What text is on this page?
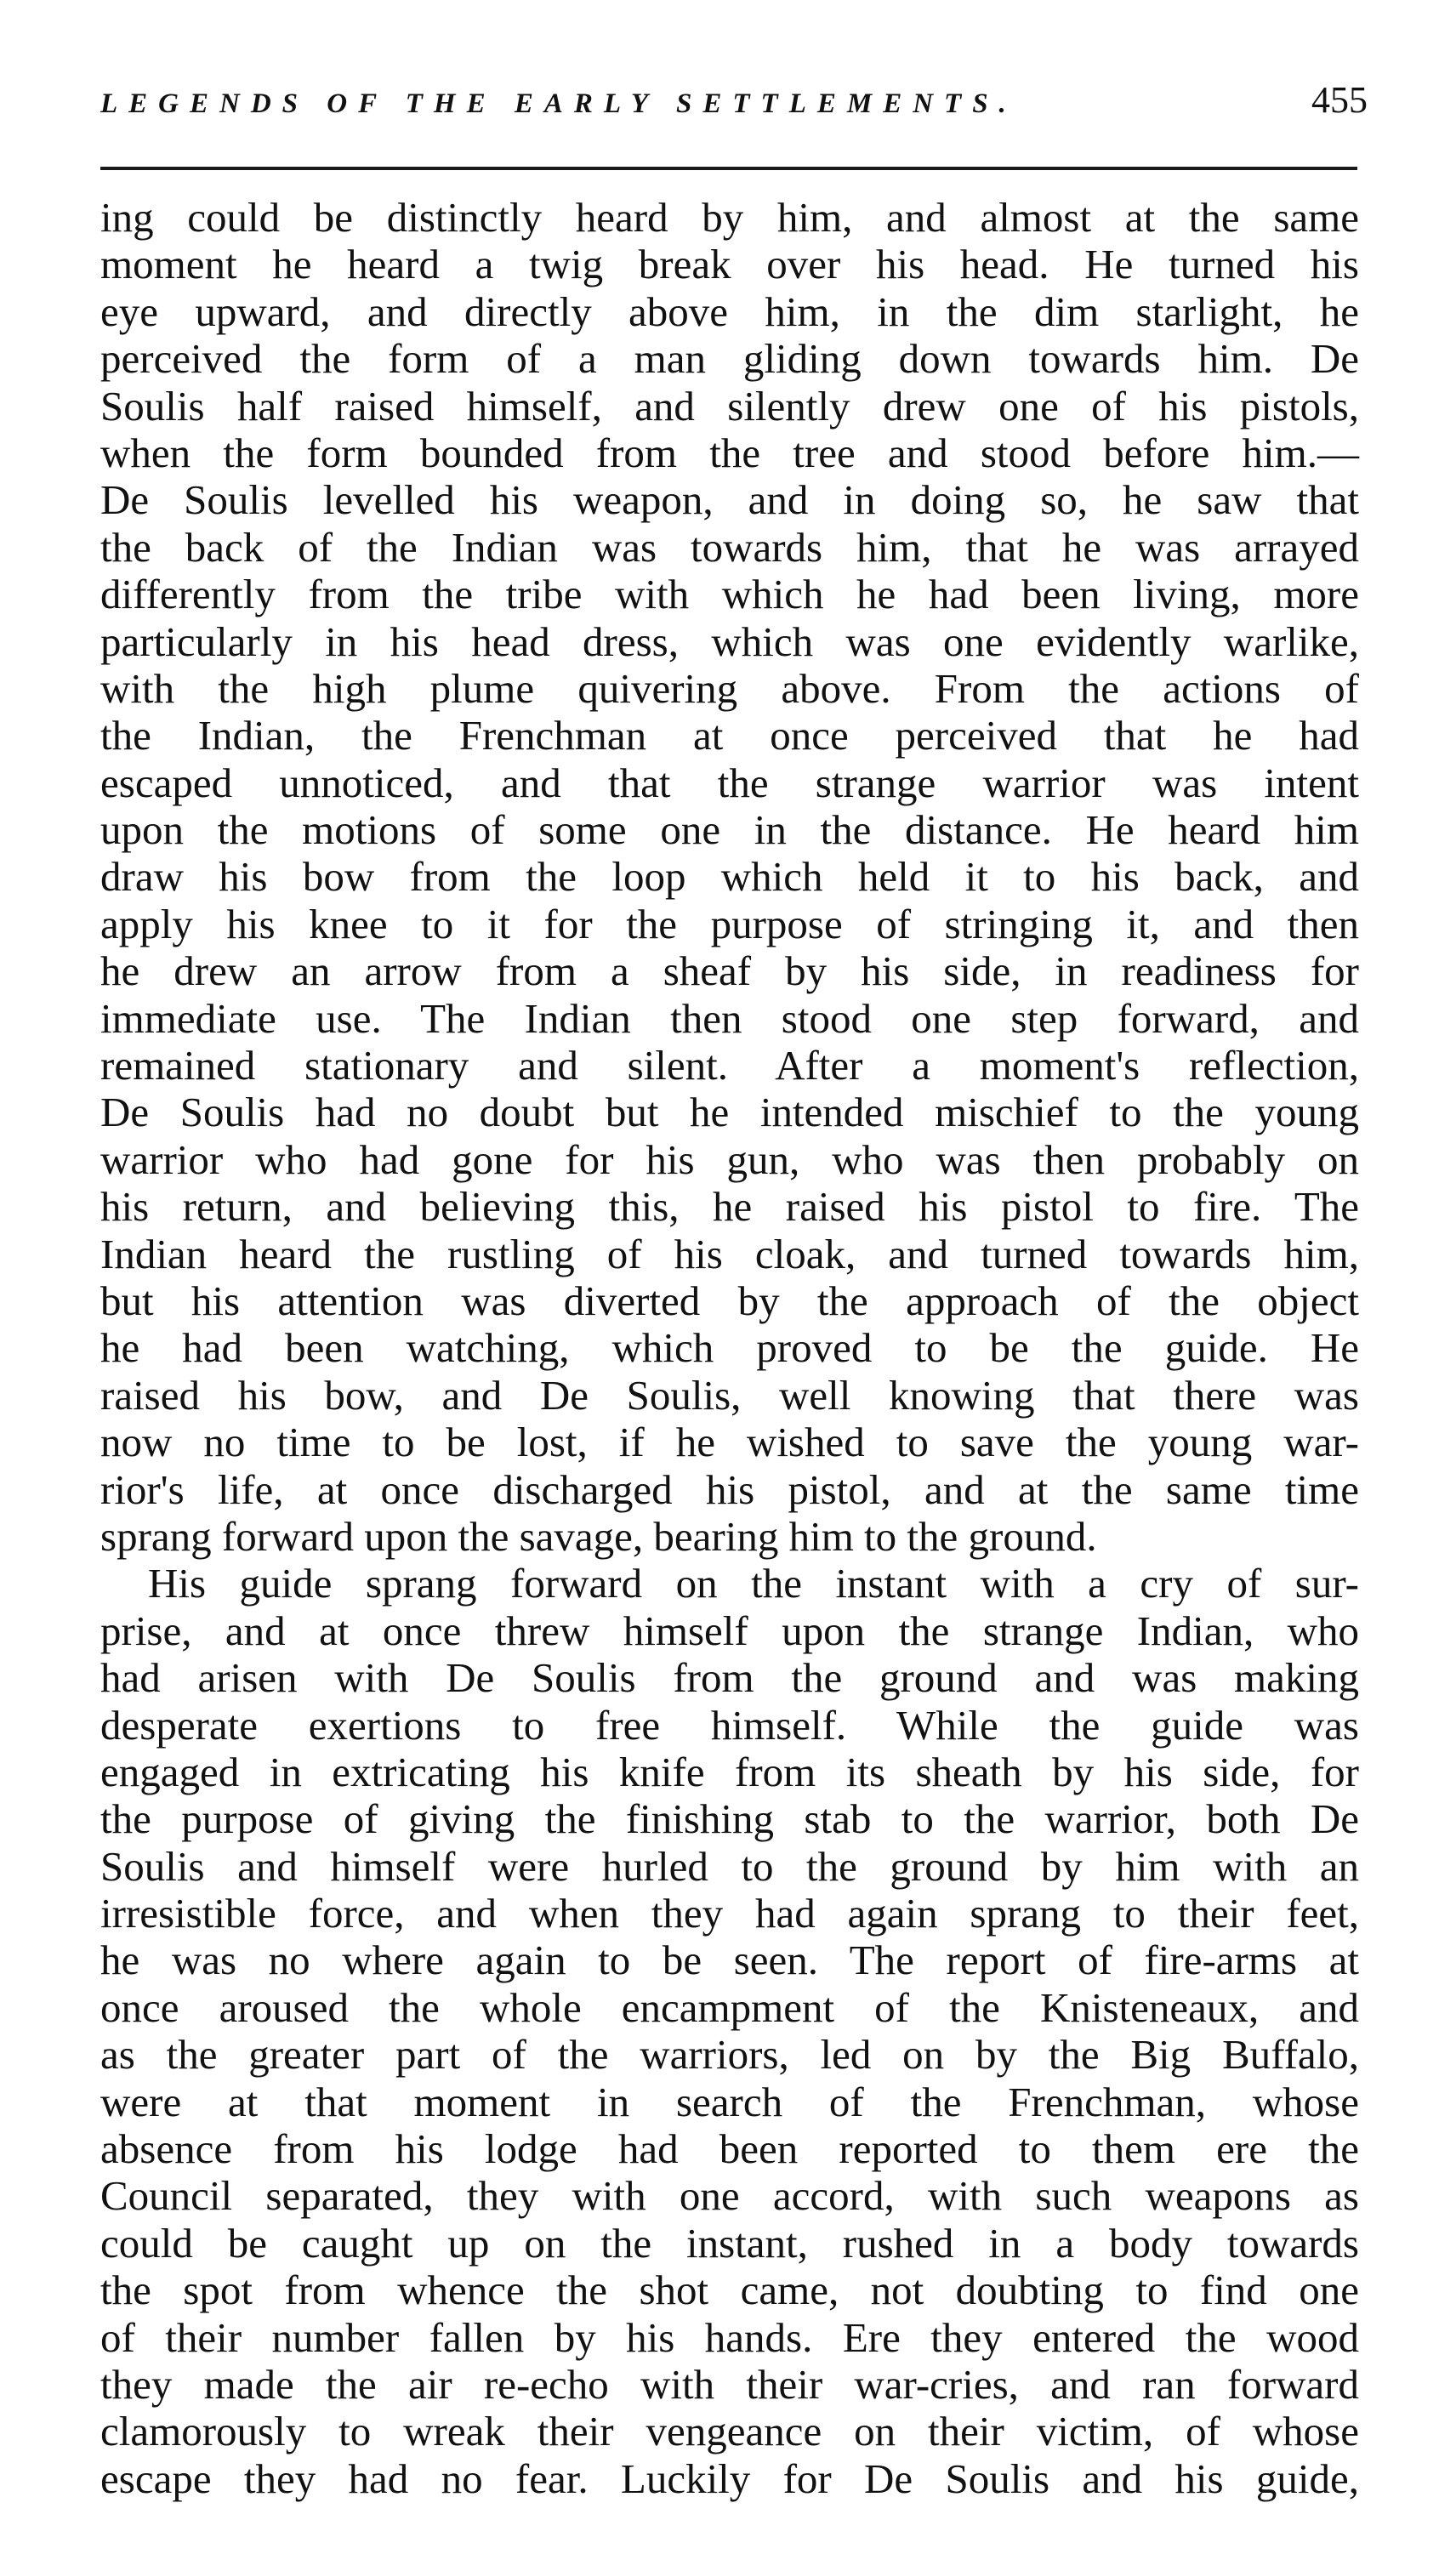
LEGENDS OF THE EARLY SETTLEMENTS.	455
ing could be distinctly heard by him, and almost at the same
moment he heard a twig break over his head. He turned his
eye upward, and directly above him, in the dim starlight, he
perceived the form of a man gliding down towards him. De
Soulis half raised himself, and silently drew one of his pistols,
when the form bounded from the tree and stood before him.—
De Soulis levelled his weapon, and in doing so, he saw that
the back of the Indian was towards him, that he was arrayed
differently from the tribe with which he had been living, more
particularly in his head dress, which was one evidently warlike,
with the high plume quivering above. From the actions of
the Indian, the Frenchman at once perceived that he had
escaped unnoticed, and that the strange warrior was intent
upon the motions of some one in the distance. He heard him
draw his bow from the loop which held it to his back, and
apply his knee to it for the purpose of stringing it, and then
he drew an arrow from a sheaf by his side, in readiness for
immediate use. The Indian then stood one step forward, and
remained stationary and silent. After a moment's reflection,
De Soulis had no doubt but he intended mischief to the young
warrior who had gone for his gun, who was then probably on
his return, and believing this, he raised his pistol to fire. The
Indian heard the rustling of his cloak, and turned towards him,
but his attention was diverted by the approach of the object
he had been watching, which proved to be the guide. He
raised his bow, and De Soulis, well knowing that there was
now no time to be lost, if he wished to save the young war-
rior's life, at once discharged his pistol, and at the same time
sprang forward upon the savage, bearing him to the ground.
His guide sprang forward on the instant with a cry of sur-
prise, and at once threw himself upon the strange Indian, who
had arisen with De Soulis from the ground and was making
desperate exertions to free himself. While the guide was
engaged in extricating his knife from its sheath by his side, for
the purpose of giving the finishing stab to the warrior, both De
Soulis and himself were hurled to the ground by him with an
irresistible force, and when they had again sprang to their feet,
he was no where again to be seen. The report of fire-arms at
once aroused the whole encampment of the Knisteneaux, and
as the greater part of the warriors, led on by the Big Buffalo,
were at that moment in search of the Frenchman, whose
absence from his lodge had been reported to them ere the
Council separated, they with one accord, with such weapons as
could be caught up on the instant, rushed in a body towards
the spot from whence the shot came, not doubting to find one
of their number fallen by his hands. Ere they entered the wood
they made the air re-echo with their war-cries, and ran forward
clamorously to wreak their vengeance on their victim, of whose
escape they had no fear. Luckily for De Soulis and his guide,
